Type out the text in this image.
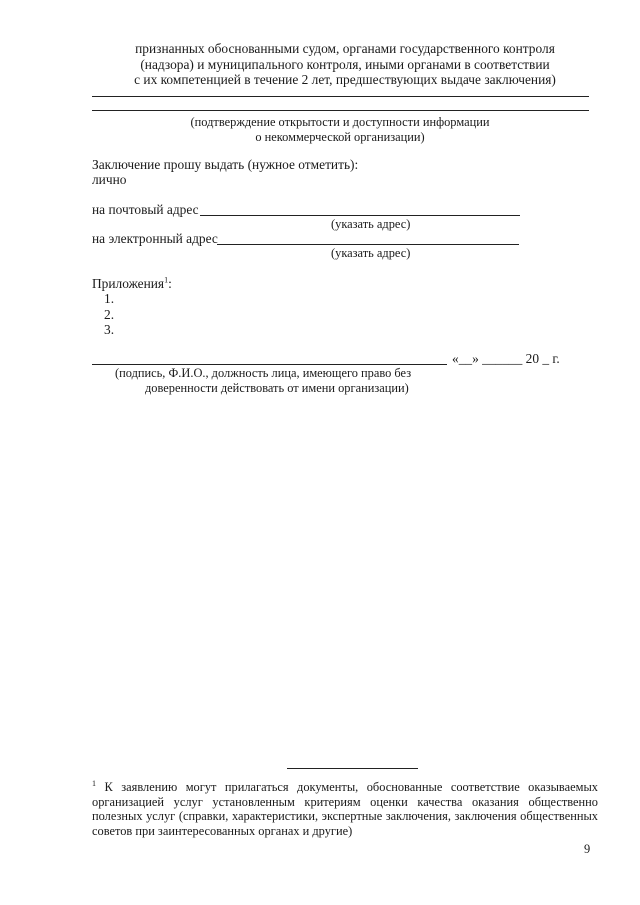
признанных обоснованными судом, органами государственного контроля
(надзора) и муниципального контроля, иными органами в соответствии
с их компетенцией в течение 2 лет, предшествующих выдаче заключения)
(подтверждение открытости и доступности информации
о некоммерческой организации)
Заключение прошу выдать (нужное отметить):
лично
на почтовый адрес
(указать адрес)
на электронный адрес
(указать адрес)
Приложения$^1$:
1.
2.
3.
«__» ______ 20 _ г.
(подпись, Ф.И.О., должность лица, имеющего право без
доверенности действовать от имени организации)
$^1$ К заявлению могут прилагаться документы, обоснованные соответствие оказываемых организацией услуг установленным критериям оценки качества оказания общественно полезных услуг (справки, характеристики, экспертные заключения, заключения общественных советов при заинтересованных органах и другие)
9
